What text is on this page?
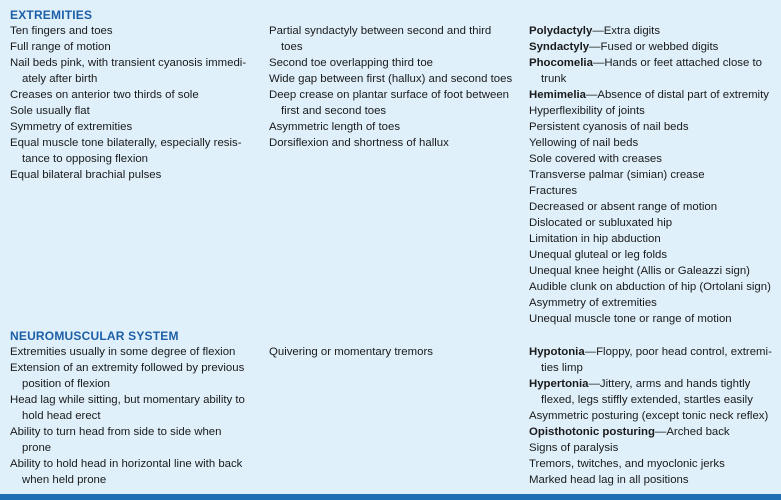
EXTREMITIES
Ten fingers and toes
Full range of motion
Nail beds pink, with transient cyanosis immedi-ately after birth
Creases on anterior two thirds of sole
Sole usually flat
Symmetry of extremities
Equal muscle tone bilaterally, especially resis-tance to opposing flexion
Equal bilateral brachial pulses
Partial syndactyly between second and third toes
Second toe overlapping third toe
Wide gap between first (hallux) and second toes
Deep crease on plantar surface of foot between first and second toes
Asymmetric length of toes
Dorsiflexion and shortness of hallux
Polydactyly—Extra digits
Syndactyly—Fused or webbed digits
Phocomelia—Hands or feet attached close to trunk
Hemimelia—Absence of distal part of extremity
Hyperflexibility of joints
Persistent cyanosis of nail beds
Yellowing of nail beds
Sole covered with creases
Transverse palmar (simian) crease
Fractures
Decreased or absent range of motion
Dislocated or subluxated hip
Limitation in hip abduction
Unequal gluteal or leg folds
Unequal knee height (Allis or Galeazzi sign)
Audible clunk on abduction of hip (Ortolani sign)
Asymmetry of extremities
Unequal muscle tone or range of motion
NEUROMUSCULAR SYSTEM
Extremities usually in some degree of flexion
Extension of an extremity followed by previous position of flexion
Head lag while sitting, but momentary ability to hold head erect
Ability to turn head from side to side when prone
Ability to hold head in horizontal line with back when held prone
Quivering or momentary tremors	Hypotonia—Floppy, poor head control, extremi-ties limp
Hypertonia—Jittery, arms and hands tightly flexed, legs stiffly extended, startles easily
Asymmetric posturing (except tonic neck reflex)
Opisthotonic posturing—Arched back
Signs of paralysis
Tremors, twitches, and myoclonic jerks
Marked head lag in all positions
